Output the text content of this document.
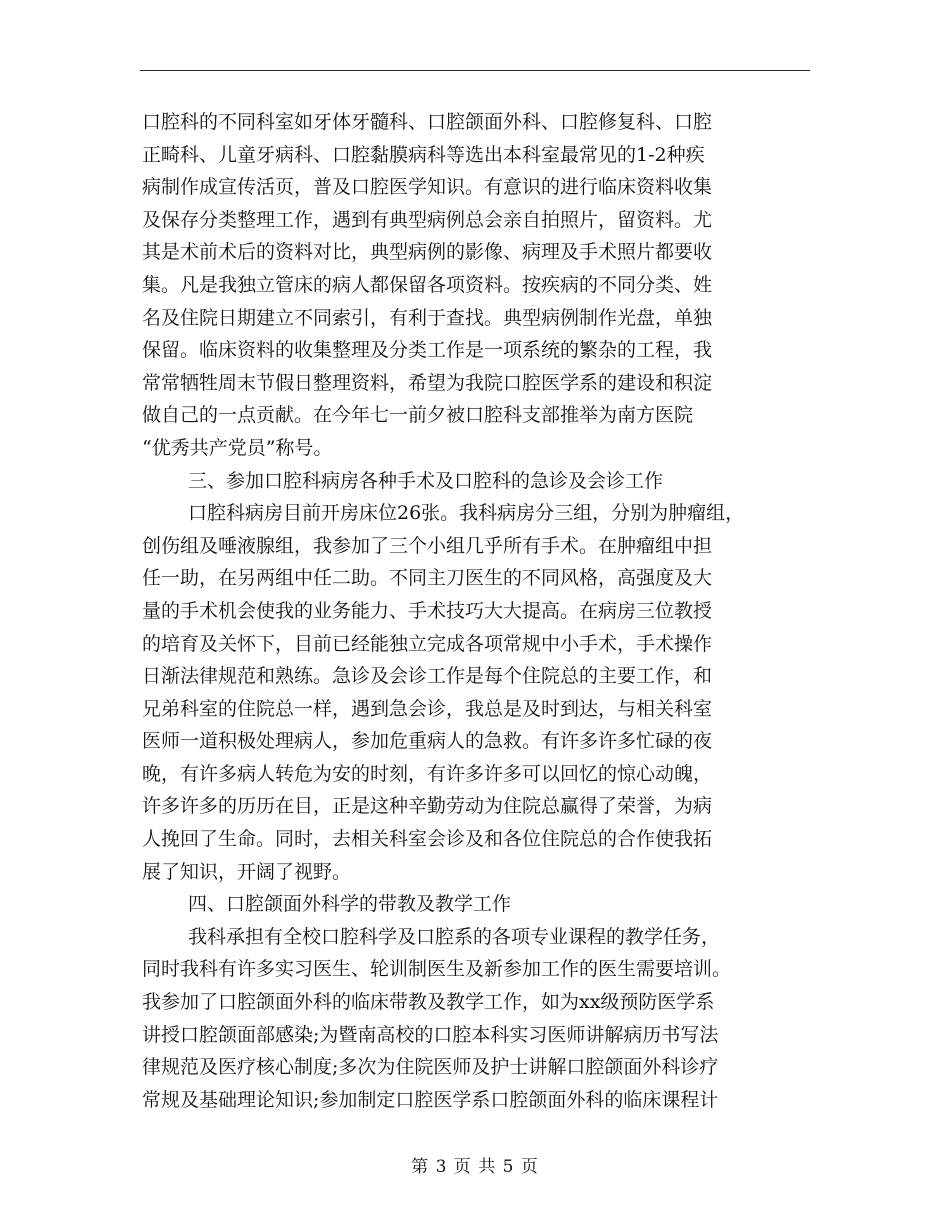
口腔科的不同科室如牙体牙髓科、口腔颌面外科、口腔修复科、口腔
正畸科、儿童牙病科、口腔黏膜病科等选出本科室最常见的1-2种疾
病制作成宣传活页，普及口腔医学知识。有意识的进行临床资料收集
及保存分类整理工作，遇到有典型病例总会亲自拍照片，留资料。尤
其是术前术后的资料对比，典型病例的影像、病理及手术照片都要收
集。凡是我独立管床的病人都保留各项资料。按疾病的不同分类、姓
名及住院日期建立不同索引，有利于查找。典型病例制作光盘，单独
保留。临床资料的收集整理及分类工作是一项系统的繁杂的工程，我
常常牺牲周末节假日整理资料，希望为我院口腔医学系的建设和积淀
做自己的一点贡献。在今年七一前夕被口腔科支部推举为南方医院
“优秀共产党员”称号。
三、参加口腔科病房各种手术及口腔科的急诊及会诊工作
口腔科病房目前开房床位26张。我科病房分三组，分别为肿瘤组，
创伤组及唾液腺组，我参加了三个小组几乎所有手术。在肿瘤组中担
任一助，在另两组中任二助。不同主刀医生的不同风格，高强度及大
量的手术机会使我的业务能力、手术技巧大大提高。在病房三位教授
的培育及关怀下，目前已经能独立完成各项常规中小手术，手术操作
日渐法律规范和熟练。急诊及会诊工作是每个住院总的主要工作，和
兄弟科室的住院总一样，遇到急会诊，我总是及时到达，与相关科室
医师一道积极处理病人，参加危重病人的急救。有许多许多忙碌的夜
晚，有许多病人转危为安的时刻，有许多许多可以回忆的惊心动魄，
许多许多的历历在目，正是这种辛勤劳动为住院总赢得了荣誉，为病
人挽回了生命。同时，去相关科室会诊及和各位住院总的合作使我拓
展了知识，开阔了视野。
四、口腔颌面外科学的带教及教学工作
我科承担有全校口腔科学及口腔系的各项专业课程的教学任务，
同时我科有许多实习医生、轮训制医生及新参加工作的医生需要培训。
我参加了口腔颌面外科的临床带教及教学工作，如为xx级预防医学系
讲授口腔颌面部感染;为暨南高校的口腔本科实习医师讲解病历书写法
律规范及医疗核心制度;多次为住院医师及护士讲解口腔颌面外科诊疗
常规及基础理论知识;参加制定口腔医学系口腔颌面外科的临床课程计
第 3 页 共 5 页
